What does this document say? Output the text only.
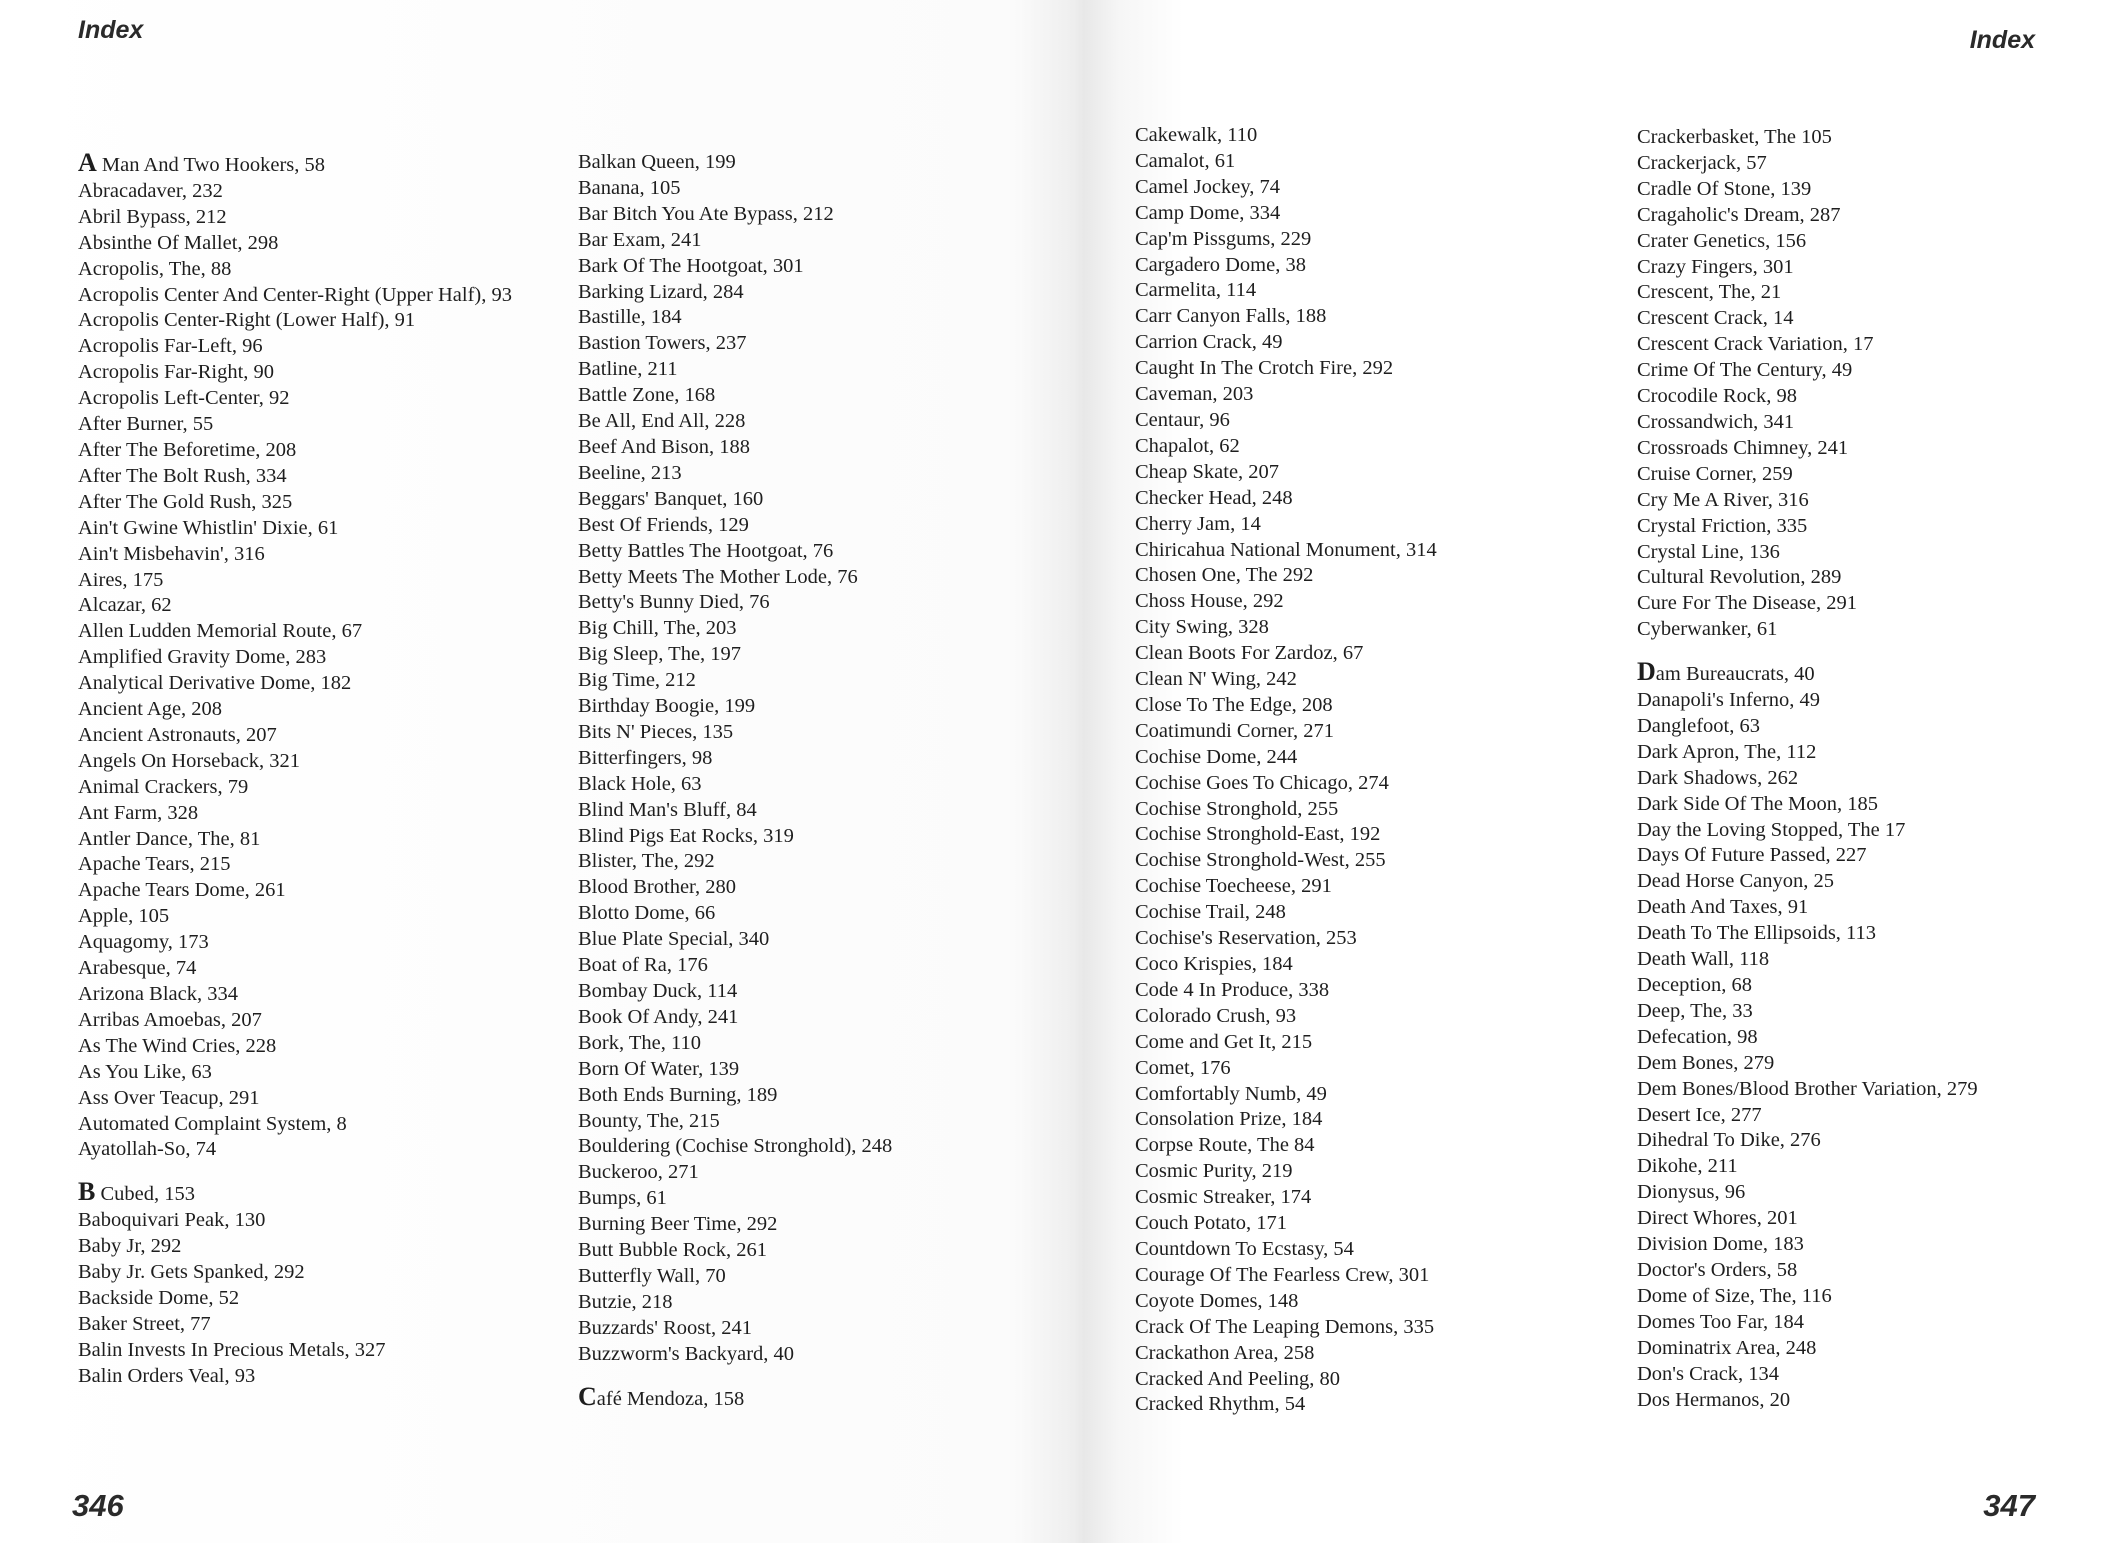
Index
A Man And Two Hookers, 58
Abracadaver, 232
Abril Bypass, 212
Absinthe Of Mallet, 298
Acropolis, The, 88
Acropolis Center And Center-Right (Upper Half), 93
Acropolis Center-Right (Lower Half), 91
Acropolis Far-Left, 96
Acropolis Far-Right, 90
Acropolis Left-Center, 92
After Burner, 55
After The Beforetime, 208
After The Bolt Rush, 334
After The Gold Rush, 325
Ain't Gwine Whistlin' Dixie, 61
Ain't Misbehavin', 316
Aires, 175
Alcazar, 62
Allen Ludden Memorial Route, 67
Amplified Gravity Dome, 283
Analytical Derivative Dome, 182
Ancient Age, 208
Ancient Astronauts, 207
Angels On Horseback, 321
Animal Crackers, 79
Ant Farm, 328
Antler Dance, The, 81
Apache Tears, 215
Apache Tears Dome, 261
Apple, 105
Aquagomy, 173
Arabesque, 74
Arizona Black, 334
Arribas Amoebas, 207
As The Wind Cries, 228
As You Like, 63
Ass Over Teacup, 291
Automated Complaint System, 8
Ayatollah-So, 74
B Cubed, 153
Baboquivari Peak, 130
Baby Jr, 292
Baby Jr. Gets Spanked, 292
Backside Dome, 52
Baker Street, 77
Balin Invests In Precious Metals, 327
Balin Orders Veal, 93
Balkan Queen, 199
Banana, 105
Bar Bitch You Ate Bypass, 212
Bar Exam, 241
Bark Of The Hootgoat, 301
Barking Lizard, 284
Bastille, 184
Bastion Towers, 237
Batline, 211
Battle Zone, 168
Be All, End All, 228
Beef And Bison, 188
Beeline, 213
Beggars' Banquet, 160
Best Of Friends, 129
Betty Battles The Hootgoat, 76
Betty Meets The Mother Lode, 76
Betty's Bunny Died, 76
Big Chill, The, 203
Big Sleep, The, 197
Big Time, 212
Birthday Boogie, 199
Bits N' Pieces, 135
Bitterfingers, 98
Black Hole, 63
Blind Man's Bluff, 84
Blind Pigs Eat Rocks, 319
Blister, The, 292
Blood Brother, 280
Blotto Dome, 66
Blue Plate Special, 340
Boat of Ra, 176
Bombay Duck, 114
Book Of Andy, 241
Bork, The, 110
Born Of Water, 139
Both Ends Burning, 189
Bounty, The, 215
Bouldering (Cochise Stronghold), 248
Buckeroo, 271
Bumps, 61
Burning Beer Time, 292
Butt Bubble Rock, 261
Butterfly Wall, 70
Butzie, 218
Buzzards' Roost, 241
Buzzworm's Backyard, 40
Café Mendoza, 158
346
Index
Cakewalk, 110
Camalot, 61
Camel Jockey, 74
Camp Dome, 334
Cap'm Pissgums, 229
Cargadero Dome, 38
Carmelita, 114
Carr Canyon Falls, 188
Carrion Crack, 49
Caught In The Crotch Fire, 292
Caveman, 203
Centaur, 96
Chapalot, 62
Cheap Skate, 207
Checker Head, 248
Cherry Jam, 14
Chiricahua National Monument, 314
Chosen One, The 292
Choss House, 292
City Swing, 328
Clean Boots For Zardoz, 67
Clean N' Wing, 242
Close To The Edge, 208
Coatimundi Corner, 271
Cochise Dome, 244
Cochise Goes To Chicago, 274
Cochise Stronghold, 255
Cochise Stronghold-East, 192
Cochise Stronghold-West, 255
Cochise Toecheese, 291
Cochise Trail, 248
Cochise's Reservation, 253
Coco Krispies, 184
Code 4 In Produce, 338
Colorado Crush, 93
Come and Get It, 215
Comet, 176
Comfortably Numb, 49
Consolation Prize, 184
Corpse Route, The 84
Cosmic Purity, 219
Cosmic Streaker, 174
Couch Potato, 171
Countdown To Ecstasy, 54
Courage Of The Fearless Crew, 301
Coyote Domes, 148
Crack Of The Leaping Demons, 335
Crackathon Area, 258
Cracked And Peeling, 80
Cracked Rhythm, 54
Crackerbasket, The 105
Crackerjack, 57
Cradle Of Stone, 139
Cragaholic's Dream, 287
Crater Genetics, 156
Crazy Fingers, 301
Crescent, The, 21
Crescent Crack, 14
Crescent Crack Variation, 17
Crime Of The Century, 49
Crocodile Rock, 98
Crossandwich, 341
Crossroads Chimney, 241
Cruise Corner, 259
Cry Me A River, 316
Crystal Friction, 335
Crystal Line, 136
Cultural Revolution, 289
Cure For The Disease, 291
Cyberwanker, 61
Dam Bureaucrats, 40
Danapoli's Inferno, 49
Danglefoot, 63
Dark Apron, The, 112
Dark Shadows, 262
Dark Side Of The Moon, 185
Day the Loving Stopped, The 17
Days Of Future Passed, 227
Dead Horse Canyon, 25
Death And Taxes, 91
Death To The Ellipsoids, 113
Death Wall, 118
Deception, 68
Deep, The, 33
Defecation, 98
Dem Bones, 279
Dem Bones/Blood Brother Variation, 279
Desert Ice, 277
Dihedral To Dike, 276
Dikohe, 211
Dionysus, 96
Direct Whores, 201
Division Dome, 183
Doctor's Orders, 58
Dome of Size, The, 116
Domes Too Far, 184
Dominatrix Area, 248
Don's Crack, 134
Dos Hermanos, 20
347
